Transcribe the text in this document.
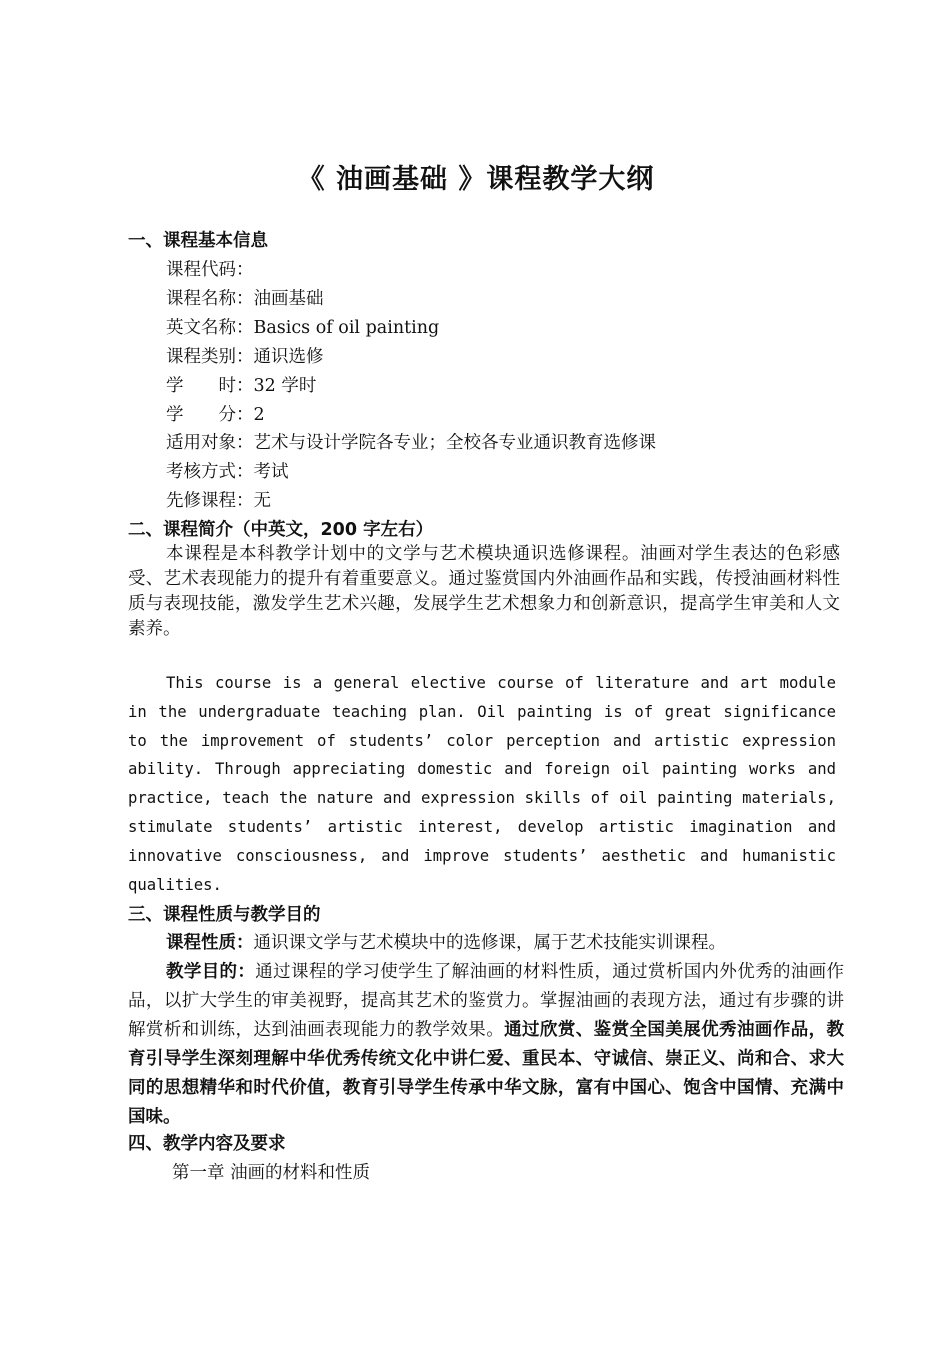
《 油画基础 》课程教学大纲
一、课程基本信息
课程代码：
课程名称：油画基础
英文名称：Basics of oil painting
课程类别：通识选修
学　　时：32 学时
学　　分：2
适用对象：艺术与设计学院各专业；全校各专业通识教育选修课
考核方式：考试
先修课程：无
二、课程简介（中英文，200 字左右）
本课程是本科教学计划中的文学与艺术模块通识选修课程。油画对学生表达的色彩感受、艺术表现能力的提升有着重要意义。通过鉴赏国内外油画作品和实践，传授油画材料性质与表现技能，激发学生艺术兴趣，发展学生艺术想象力和创新意识，提高学生审美和人文素养。
This course is a general elective course of literature and art module in the undergraduate teaching plan. Oil painting is of great significance to the improvement of students’ color perception and artistic expression ability. Through appreciating domestic and foreign oil painting works and practice, teach the nature and expression skills of oil painting materials, stimulate students’ artistic interest, develop artistic imagination and innovative consciousness, and improve students’ aesthetic and humanistic qualities.
三、课程性质与教学目的
课程性质：通识课文学与艺术模块中的选修课，属于艺术技能实训课程。
教学目的：通过课程的学习使学生了解油画的材料性质，通过赏析国内外优秀的油画作品，以扩大学生的审美视野，提高其艺术的鉴赏力。掌握油画的表现方法，通过有步骤的讲解赏析和训练，达到油画表现能力的教学效果。通过欣赏、鉴赏全国美展优秀油画作品，教育引导学生深刻理解中华优秀传统文化中讲仁爱、重民本、守诚信、崇正义、尚和合、求大同的思想精华和时代价值，教育引导学生传承中华文脉，富有中国心、饱含中国情、充满中国味。
四、教学内容及要求
第一章 油画的材料和性质
